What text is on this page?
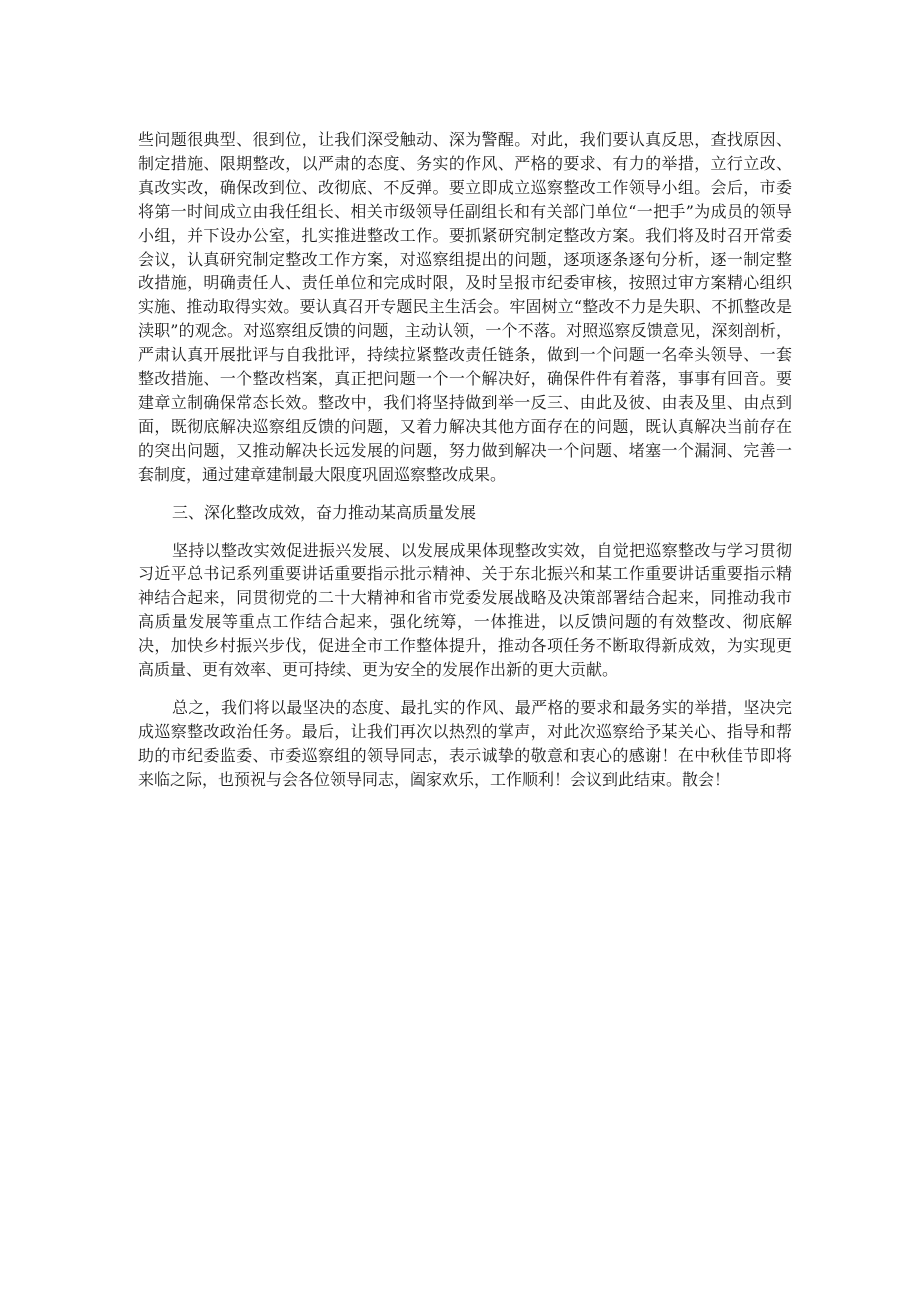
些问题很典型、很到位，让我们深受触动、深为警醒。对此，我们要认真反思，查找原因、制定措施、限期整改，以严肃的态度、务实的作风、严格的要求、有力的举措，立行立改、真改实改，确保改到位、改彻底、不反弹。要立即成立巡察整改工作领导小组。会后，市委将第一时间成立由我任组长、相关市级领导任副组长和有关部门单位“一把手”为成员的领导小组，并下设办公室，扎实推进整改工作。要抓紧研究制定整改方案。我们将及时召开常委会议，认真研究制定整改工作方案，对巡察组提出的问题，逐项逐条逐句分析，逐一制定整改措施，明确责任人、责任单位和完成时限，及时呈报市纪委审核，按照过审方案精心组织实施、推动取得实效。要认真召开专题民主生活会。牢固树立“整改不力是失职、不抓整改是渎职”的观念。对巡察组反馈的问题，主动认领，一个不落。对照巡察反馈意见，深刻剖析，严肃认真开展批评与自我批评，持续拉紧整改责任链条，做到一个问题一名牵头领导、一套整改措施、一个整改档案，真正把问题一个一个解决好，确保件件有着落，事事有回音。要建章立制确保常态长效。整改中，我们将坚持做到举一反三、由此及彼、由表及里、由点到面，既彻底解决巡察组反馈的问题，又着力解决其他方面存在的问题，既认真解决当前存在的突出问题，又推动解决长远发展的问题，努力做到解决一个问题、堵塞一个漏洞、完善一套制度，通过建章建制最大限度巩固巡察整改成果。

三、深化整改成效，奋力推动某高质量发展

坚持以整改实效促进振兴发展、以发展成果体现整改实效，自觉把巡察整改与学习贯彻习近平总书记系列重要讲话重要指示批示精神、关于东北振兴和某工作重要讲话重要指示精神结合起来，同贯彻党的二十大精神和省市党委发展战略及决策部署结合起来，同推动我市高质量发展等重点工作结合起来，强化统筹，一体推进，以反馈问题的有效整改、彻底解决，加快乡村振兴步伐，促进全市工作整体提升，推动各项任务不断取得新成效，为实现更高质量、更有效率、更可持续、更为安全的发展作出新的更大贡献。

总之，我们将以最坚决的态度、最扎实的作风、最严格的要求和最务实的举措，坚决完成巡察整改政治任务。最后，让我们再次以热烈的掌声，对此次巡察给予某关心、指导和帮助的市纪委监委、市委巡察组的领导同志，表示诚挚的敬意和衷心的感谢！在中秋佳节即将来临之际，也预祝与会各位领导同志，阖家欢乐，工作顺利！会议到此结束。散会！
